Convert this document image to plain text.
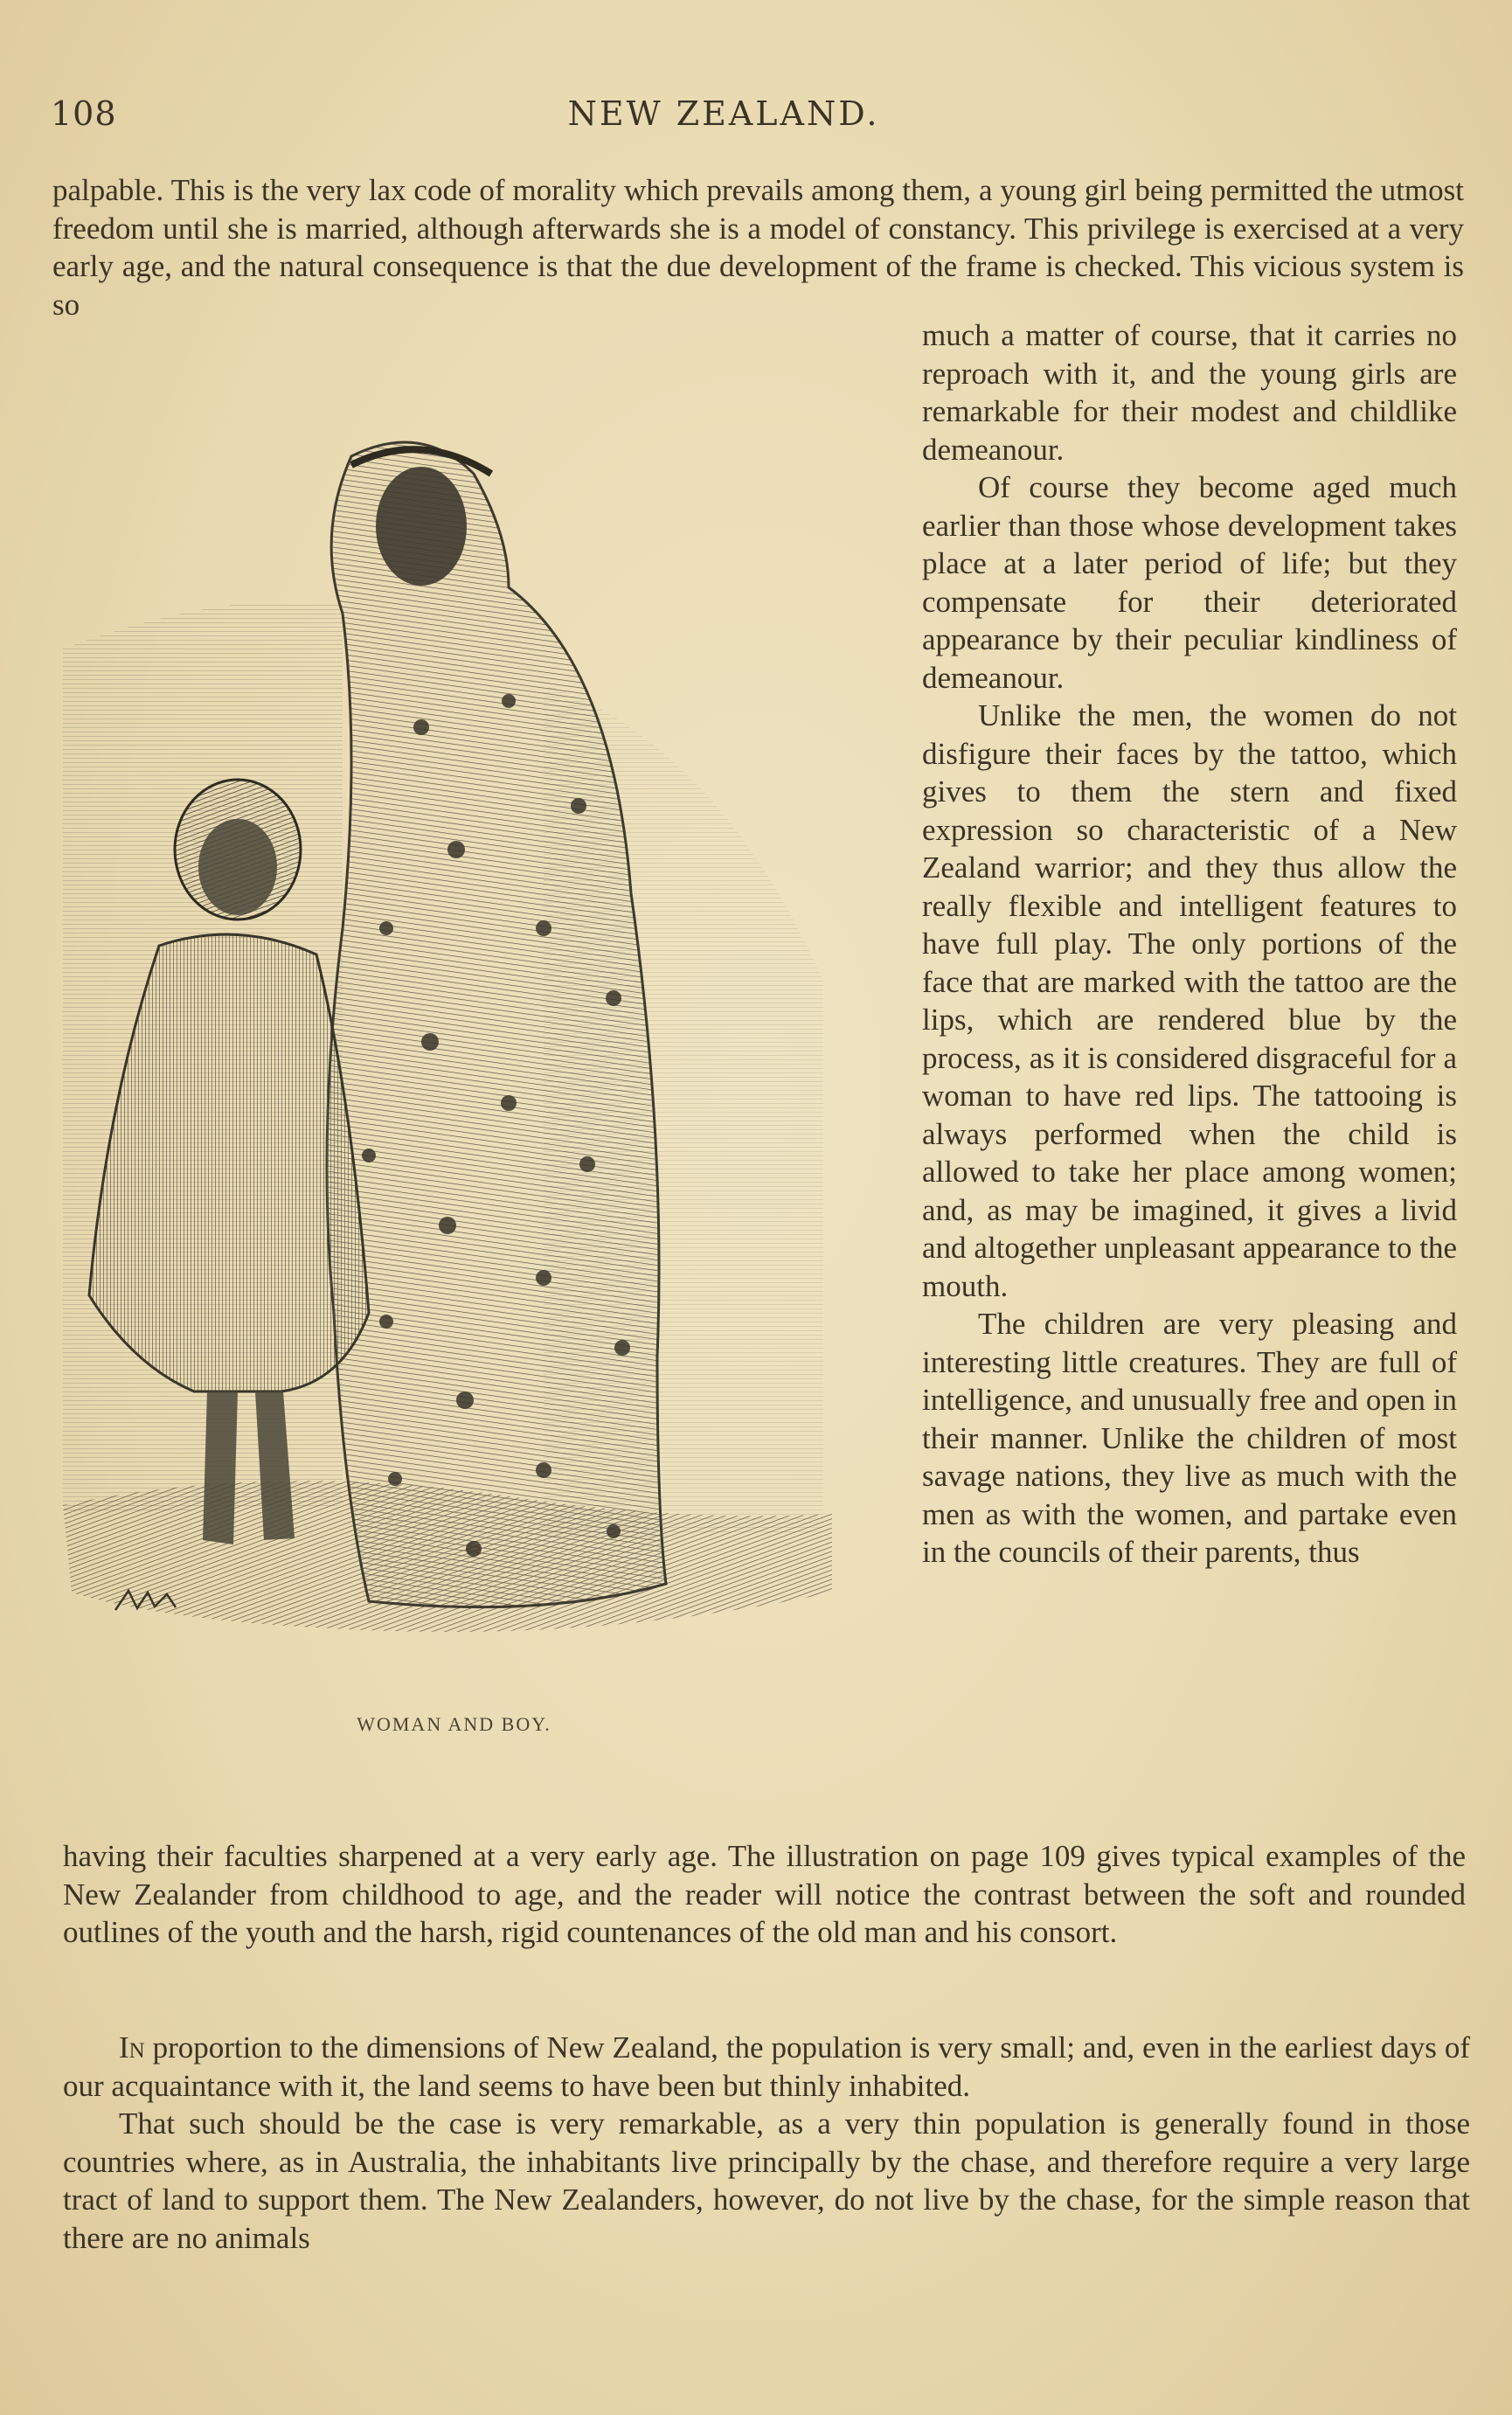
108	NEW ZEALAND.

palpable. This is the very lax code of morality which prevails among them, a young girl being permitted the utmost freedom until she is married, although afterwards she is a model of constancy. This privilege is exercised at a very early age, and the natural consequence is that the due development of the frame is checked. This vicious system is so

WOMAN AND BOY.

much a matter of course, that it carries no reproach with it, and the young girls are remarkable for their modest and childlike demeanour.

Of course they become aged much earlier than those whose development takes place at a later period of life; but they compensate for their deteriorated appearance by their peculiar kindliness of demeanour.

Unlike the men, the women do not disfigure their faces by the tattoo, which gives to them the stern and fixed expression so characteristic of a New Zealand warrior; and they thus allow the really flexible and intelligent features to have full play. The only portions of the face that are marked with the tattoo are the lips, which are rendered blue by the process, as it is considered disgraceful for a woman to have red lips. The tattooing is always performed when the child is allowed to take her place among women; and, as may be imagined, it gives a livid and altogether unpleasant appearance to the mouth.

The children are very pleasing and interesting little creatures. They are full of intelligence, and unusually free and open in their manner. Unlike the children of most savage nations, they live as much with the men as with the women, and partake even in the councils of their parents, thus

having their faculties sharpened at a very early age. The illustration on page 109 gives typical examples of the New Zealander from childhood to age, and the reader will notice the contrast between the soft and rounded outlines of the youth and the harsh, rigid countenances of the old man and his consort.

In proportion to the dimensions of New Zealand, the population is very small; and, even in the earliest days of our acquaintance with it, the land seems to have been but thinly inhabited.

That such should be the case is very remarkable, as a very thin population is generally found in those countries where, as in Australia, the inhabitants live principally by the chase, and therefore require a very large tract of land to support them. The New Zealanders, however, do not live by the chase, for the simple reason that there are no animals
